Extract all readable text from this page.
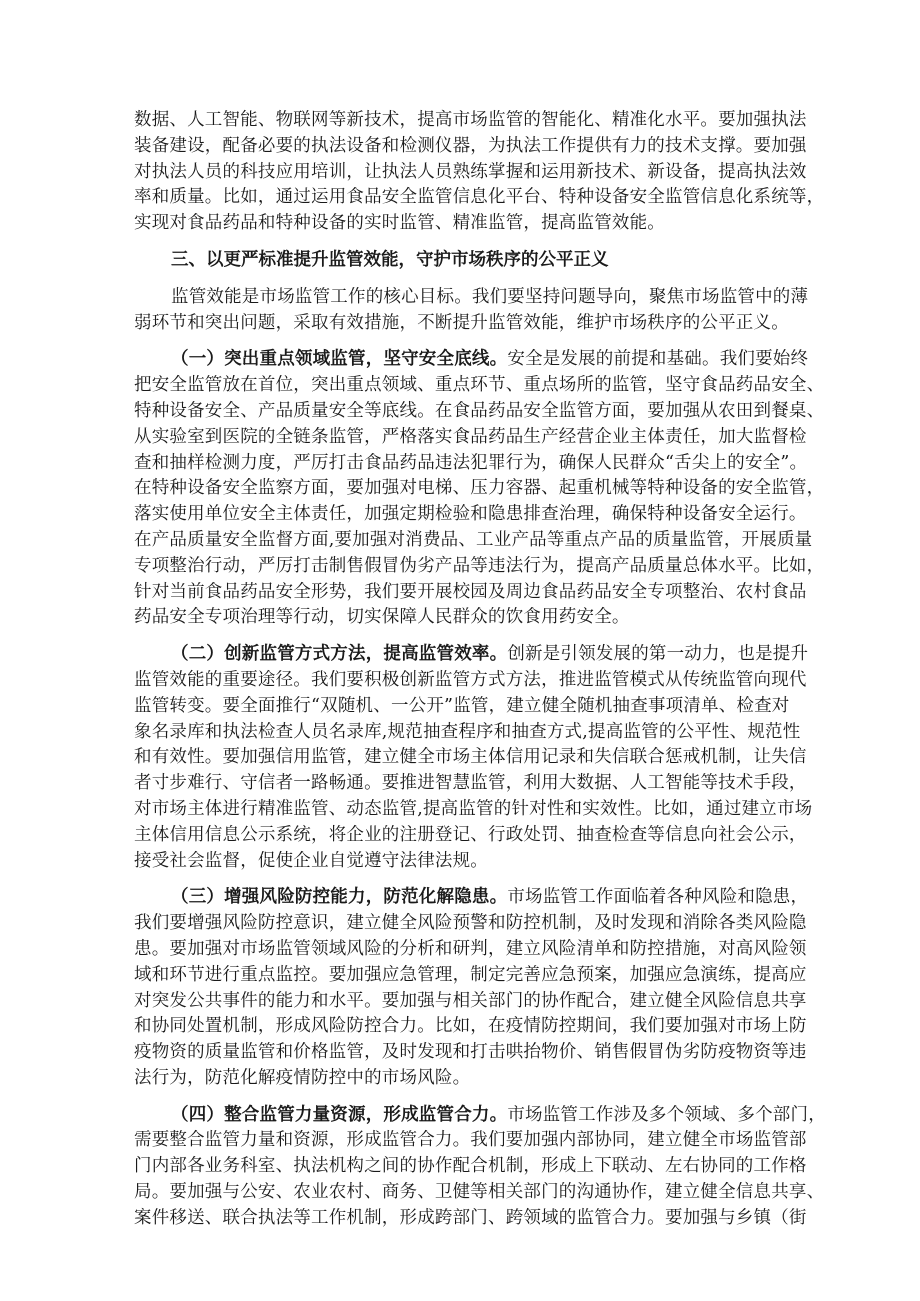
数据、人工智能、物联网等新技术，提高市场监管的智能化、精准化水平。要加强执法
装备建设，配备必要的执法设备和检测仪器，为执法工作提供有力的技术支撑。要加强
对执法人员的科技应用培训，让执法人员熟练掌握和运用新技术、新设备，提高执法效
率和质量。比如，通过运用食品安全监管信息化平台、特种设备安全监管信息化系统等，
实现对食品药品和特种设备的实时监管、精准监管，提高监管效能。
三、以更严标准提升监管效能，守护市场秩序的公平正义
监管效能是市场监管工作的核心目标。我们要坚持问题导向，聚焦市场监管中的薄
弱环节和突出问题，采取有效措施，不断提升监管效能，维护市场秩序的公平正义。
（一）突出重点领域监管，坚守安全底线。安全是发展的前提和基础。我们要始终
把安全监管放在首位，突出重点领域、重点环节、重点场所的监管，坚守食品药品安全、
特种设备安全、产品质量安全等底线。在食品药品安全监管方面，要加强从农田到餐桌、
从实验室到医院的全链条监管，严格落实食品药品生产经营企业主体责任，加大监督检
查和抽样检测力度，严厉打击食品药品违法犯罪行为，确保人民群众“舌尖上的安全”。
在特种设备安全监察方面，要加强对电梯、压力容器、起重机械等特种设备的安全监管，
落实使用单位安全主体责任，加强定期检验和隐患排查治理，确保特种设备安全运行。
在产品质量安全监督方面,要加强对消费品、工业产品等重点产品的质量监管，开展质量
专项整治行动，严厉打击制售假冒伪劣产品等违法行为，提高产品质量总体水平。比如，
针对当前食品药品安全形势，我们要开展校园及周边食品药品安全专项整治、农村食品
药品安全专项治理等行动，切实保障人民群众的饮食用药安全。
（二）创新监管方式方法，提高监管效率。创新是引领发展的第一动力，也是提升
监管效能的重要途径。我们要积极创新监管方式方法，推进监管模式从传统监管向现代
监管转变。要全面推行“双随机、一公开”监管，建立健全随机抽查事项清单、检查对
象名录库和执法检查人员名录库,规范抽查程序和抽查方式,提高监管的公平性、规范性
和有效性。要加强信用监管，建立健全市场主体信用记录和失信联合惩戒机制，让失信
者寸步难行、守信者一路畅通。要推进智慧监管，利用大数据、人工智能等技术手段，
对市场主体进行精准监管、动态监管,提高监管的针对性和实效性。比如，通过建立市场
主体信用信息公示系统，将企业的注册登记、行政处罚、抽查检查等信息向社会公示，
接受社会监督，促使企业自觉遵守法律法规。
（三）增强风险防控能力，防范化解隐患。市场监管工作面临着各种风险和隐患，
我们要增强风险防控意识，建立健全风险预警和防控机制，及时发现和消除各类风险隐
患。要加强对市场监管领域风险的分析和研判，建立风险清单和防控措施，对高风险领
域和环节进行重点监控。要加强应急管理，制定完善应急预案，加强应急演练，提高应
对突发公共事件的能力和水平。要加强与相关部门的协作配合，建立健全风险信息共享
和协同处置机制，形成风险防控合力。比如，在疫情防控期间，我们要加强对市场上防
疫物资的质量监管和价格监管，及时发现和打击哄抬物价、销售假冒伪劣防疫物资等违
法行为，防范化解疫情防控中的市场风险。
（四）整合监管力量资源，形成监管合力。市场监管工作涉及多个领域、多个部门，
需要整合监管力量和资源，形成监管合力。我们要加强内部协同，建立健全市场监管部
门内部各业务科室、执法机构之间的协作配合机制，形成上下联动、左右协同的工作格
局。要加强与公安、农业农村、商务、卫健等相关部门的沟通协作，建立健全信息共享、
案件移送、联合执法等工作机制，形成跨部门、跨领域的监管合力。要加强与乡镇（街
